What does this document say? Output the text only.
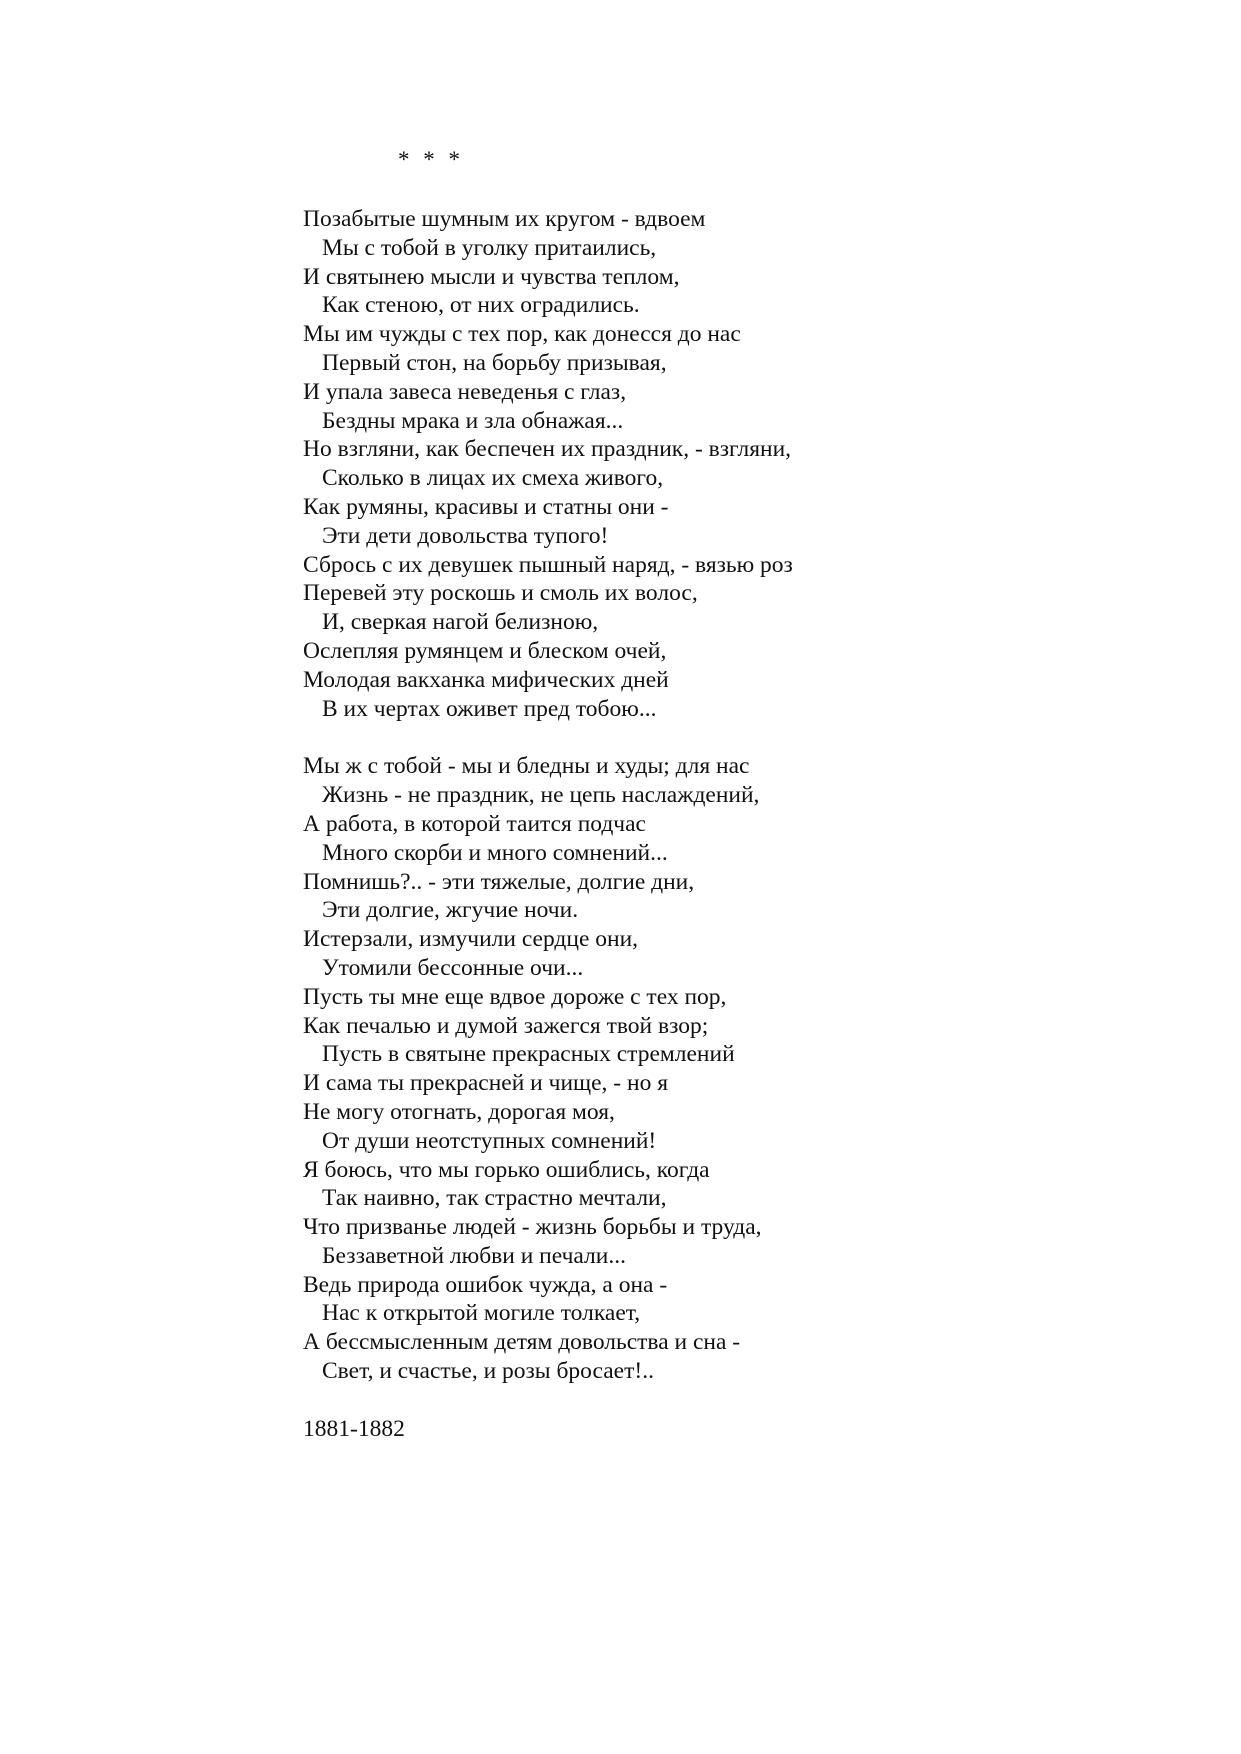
* * *
Позабытые шумным их кругом - вдвоем
Мы с тобой в уголку притаились,
И святынею мысли и чувства теплом,
Как стеною, от них оградились.
Мы им чужды с тех пор, как донесся до нас
Первый стон, на борьбу призывая,
И упала завеса неведенья с глаз,
Бездны мрака и зла обнажая...
Но взгляни, как беспечен их праздник, - взгляни,
Сколько в лицах их смеха живого,
Как румяны, красивы и статны они -
Эти дети довольства тупого!
Сбрось с их девушек пышный наряд, - вязью роз
Перевей эту роскошь и смоль их волос,
И, сверкая нагой белизною,
Ослепляя румянцем и блеском очей,
Молодая вакханка мифических дней
В их чертах оживет пред тобою...
Мы ж с тобой - мы и бледны и худы; для нас
Жизнь - не праздник, не цепь наслаждений,
А работа, в которой таится подчас
Много скорби и много сомнений...
Помнишь?.. - эти тяжелые, долгие дни,
Эти долгие, жгучие ночи.
Истерзали, измучили сердце они,
Утомили бессонные очи...
Пусть ты мне еще вдвое дороже с тех пор,
Как печалью и думой зажегся твой взор;
Пусть в святыне прекрасных стремлений
И сама ты прекрасней и чище, - но я
Не могу отогнать, дорогая моя,
От души неотступных сомнений!
Я боюсь, что мы горько ошиблись, когда
Так наивно, так страстно мечтали,
Что призванье людей - жизнь борьбы и труда,
Беззаветной любви и печали...
Ведь природа ошибок чужда, а она -
Нас к открытой могиле толкает,
А бессмысленным детям довольства и сна -
Свет, и счастье, и розы бросает!..
1881-1882
